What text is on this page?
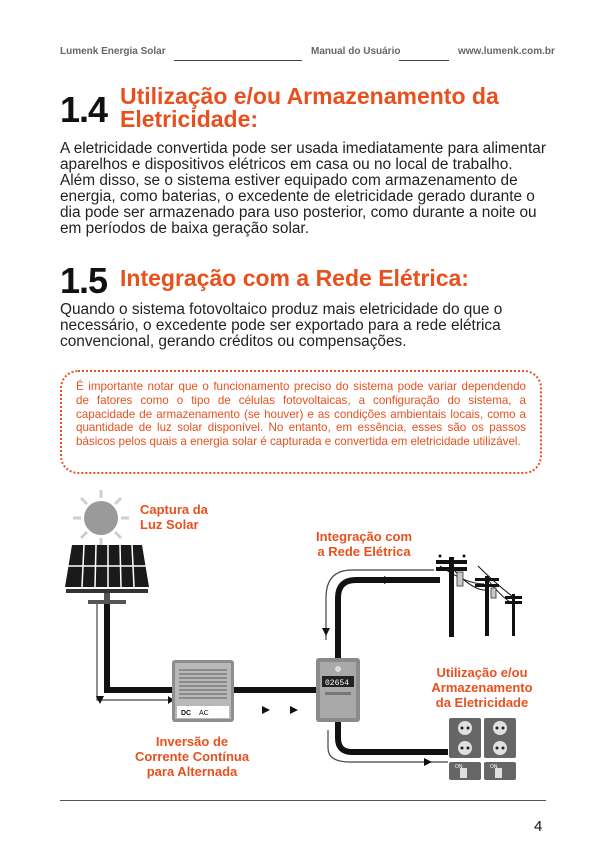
Lumenk Energia Solar	Manual do Usuário	www.lumenk.com.br
1.4 Utilização e/ou Armazenamento da Eletricidade:

A eletricidade convertida pode ser usada imediatamente para alimentar aparelhos e dispositivos elétricos em casa ou no local de trabalho. Além disso, se o sistema estiver equipado com armazenamento de energia, como baterias, o excedente de eletricidade gerado durante o dia pode ser armazenado para uso posterior, como durante a noite ou em períodos de baixa geração solar.

1.5 Integração com a Rede Elétrica:

Quando o sistema fotovoltaico produz mais eletricidade do que o necessário, o excedente pode ser exportado para a rede elétrica convencional, gerando créditos ou compensações.

É importante notar que o funcionamento preciso do sistema pode variar dependendo de fatores como o tipo de células fotovoltaicas, a configuração do sistema, a capacidade de armazenamento (se houver) e as condições ambientais locais, como a quantidade de luz solar disponível. No entanto, em essência, esses são os passos básicos pelos quais a energia solar é capturada e convertida em eletricidade utilizável.
DC AC
02654
ON	ON
Captura da
Luz Solar
Integração com
a Rede Elétrica
Utilização e/ou
Armazenamento
da Eletricidade
Inversão de
Corrente Contínua
para Alternada
4
